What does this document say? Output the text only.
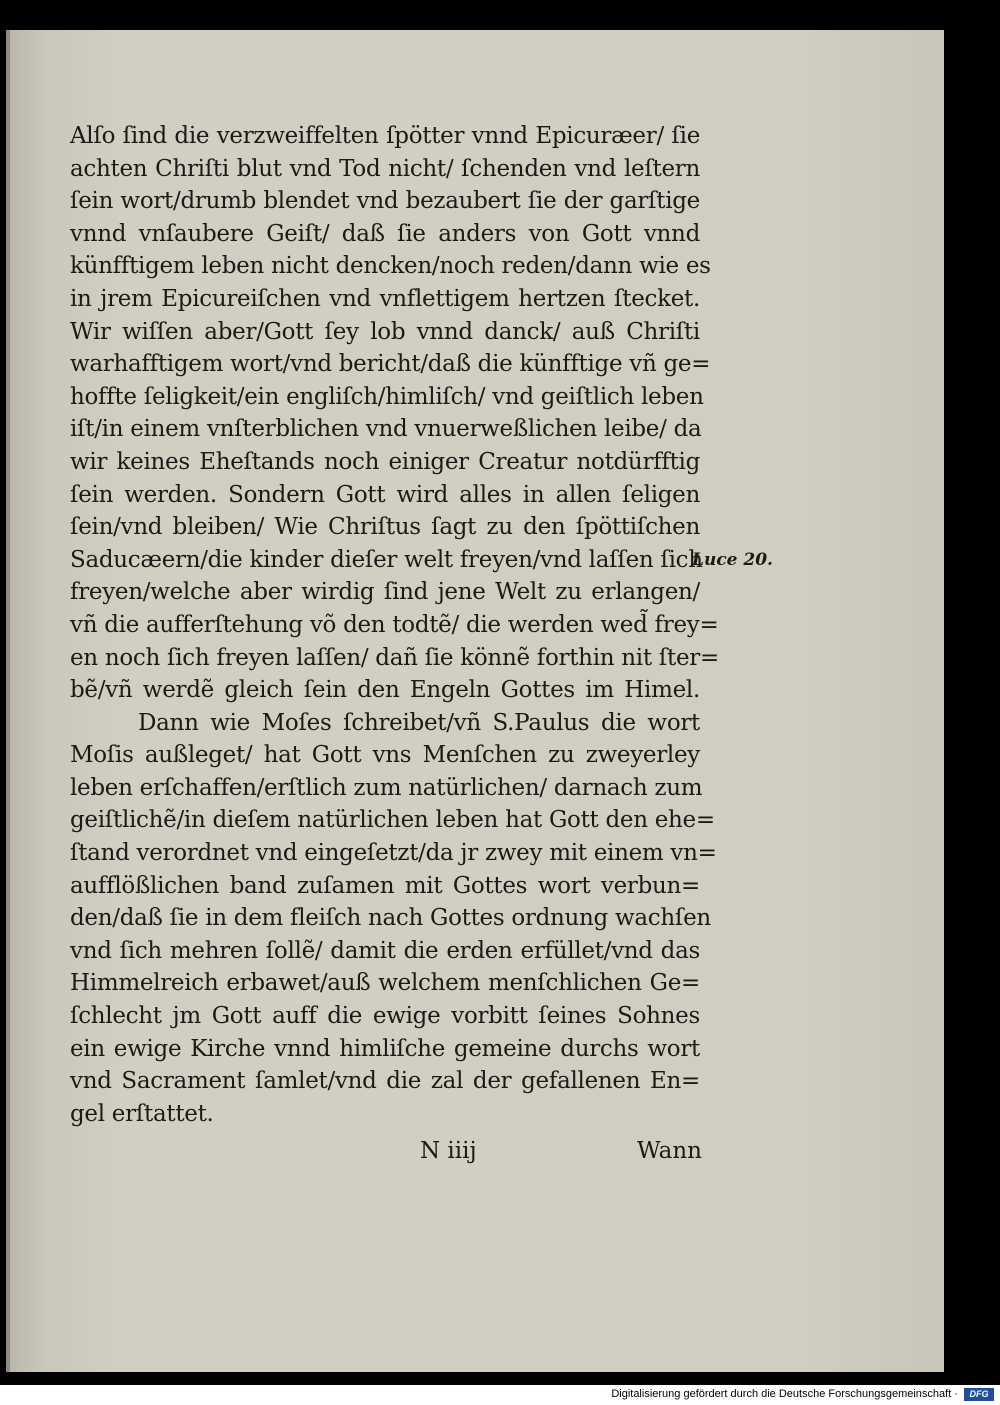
Alſo ſind die verzweiffelten ſpötter vnnd Epicuræer/ ſie
achten Chriſti blut vnd Tod nicht/ ſchenden vnd leſtern
ſein wort/drumb blendet vnd bezaubert ſie der garſtige
vnnd vnſaubere Geiſt/ daß ſie anders von Gott vnnd
künfftigem leben nicht dencken/noch reden/dann wie es
in jrem Epicureiſchen vnd vnflettigem hertzen ſtecket.
Wir wiſſen aber/Gott ſey lob vnnd danck/ auß Chriſti
warhafftigem wort/vnd bericht/daß die künfftige vñ ge=
hoffte ſeligkeit/ein engliſch/himliſch/ vnd geiſtlich leben
iſt/in einem vnſterblichen vnd vnuerweßlichen leibe/ da
wir keines Eheſtands noch einiger Creatur notdürfftig
ſein werden. Sondern Gott wird alles in allen ſeligen
ſein/vnd bleiben/ Wie Chriſtus ſagt zu den ſpöttiſchen
Saducæern/die kinder dieſer welt freyen/vnd laſſen ſich
freyen/welche aber wirdig ſind jene Welt zu erlangen/
vñ die aufferſtehung võ den todtẽ/ die werden wed̃ frey=
en noch ſich freyen laſſen/ dañ ſie könnẽ forthin nit ſter=
bẽ/vñ werdẽ gleich ſein den Engeln Gottes im Himel.
Dann wie Moſes ſchreibet/vñ S.Paulus die wort
Moſis außleget/ hat Gott vns Menſchen zu zweyerley
leben erſchaffen/erſtlich zum natürlichen/ darnach zum
geiſtlichẽ/in dieſem natürlichen leben hat Gott den ehe=
ſtand verordnet vnd eingeſetzt/da jr zwey mit einem vn=
aufflößlichen band zuſamen mit Gottes wort verbun=
den/daß ſie in dem fleiſch nach Gottes ordnung wachſen
vnd ſich mehren ſollẽ/ damit die erden erfüllet/vnd das
Himmelreich erbawet/auß welchem menſchlichen Ge=
ſchlecht jm Gott auff die ewige vorbitt ſeines Sohnes
ein ewige Kirche vnnd himliſche gemeine durchs wort
vnd Sacrament ſamlet/vnd die zal der gefallenen En=
gel erſtattet.
Luce 20.
N iiij	Wann
Digitalisierung gefördert durch die Deutsche Forschungsgemeinschaft ·	DFG
